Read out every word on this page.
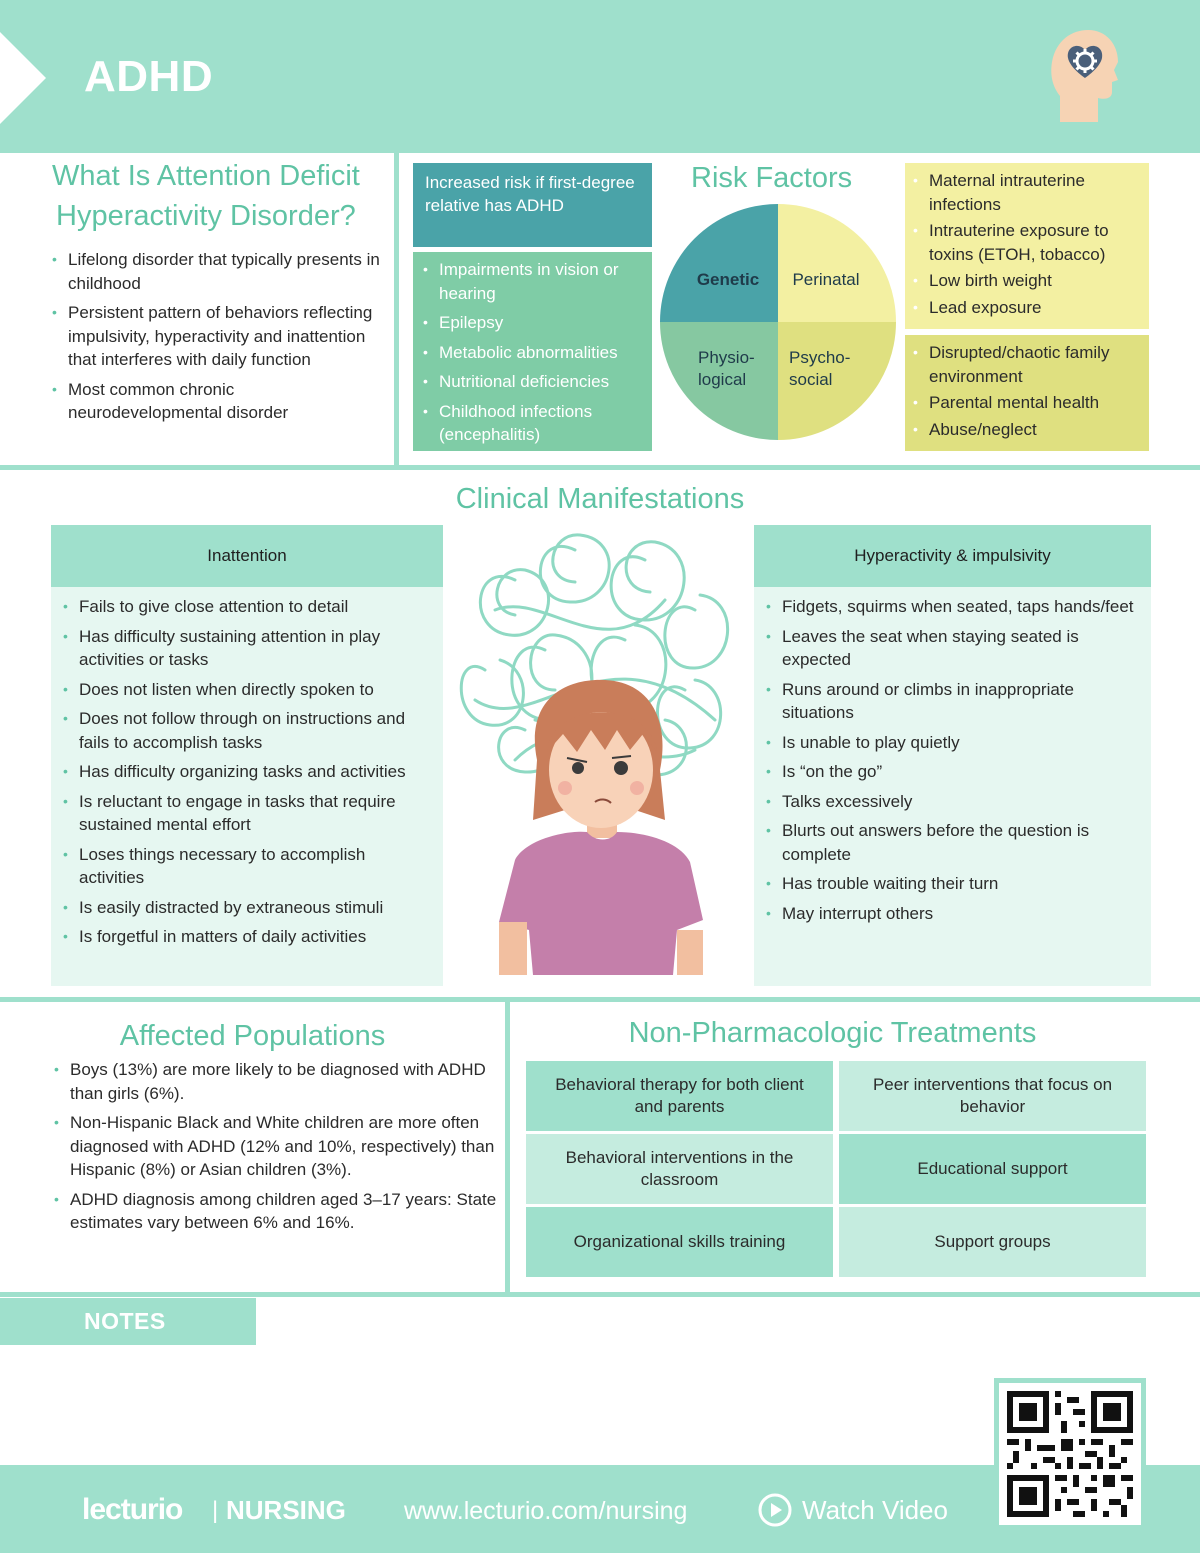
ADHD
What Is Attention Deficit
Hyperactivity Disorder?
• Lifelong disorder that typically presents in childhood
• Persistent pattern of behaviors reflecting impulsivity, hyperactivity and inattention that interferes with daily function
• Most common chronic neurodevelopmental disorder
Increased risk if first-degree relative has ADHD
• Impairments in vision or hearing
• Epilepsy
• Metabolic abnormalities
• Nutritional deficiencies
• Childhood infections (encephalitis)
Risk Factors
Genetic Perinatal
Physio-
logical
Psycho-
social
• Maternal intrauterine infections
• Intrauterine exposure to toxins (ETOH, tobacco)
• Low birth weight
• Lead exposure
• Disrupted/chaotic family environment
• Parental mental health
• Abuse/neglect
Clinical Manifestations
Inattention
• Fails to give close attention to detail
• Has difficulty sustaining attention in play activities or tasks
• Does not listen when directly spoken to
• Does not follow through on instructions and fails to accomplish tasks
• Has difficulty organizing tasks and activities
• Is reluctant to engage in tasks that require sustained mental effort
• Loses things necessary to accomplish activities
• Is easily distracted by extraneous stimuli
• Is forgetful in matters of daily activities
Hyperactivity & impulsivity
• Fidgets, squirms when seated, taps hands/feet
• Leaves the seat when staying seated is expected
• Runs around or climbs in inappropriate situations
• Is unable to play quietly
• Is “on the go”
• Talks excessively
• Blurts out answers before the question is complete
• Has trouble waiting their turn
• May interrupt others
Affected Populations
• Boys (13%) are more likely to be diagnosed with ADHD than girls (6%).
• Non-Hispanic Black and White children are more often diagnosed with ADHD (12% and 10%, respectively) than Hispanic (8%) or Asian children (3%).
• ADHD diagnosis among children aged 3–17 years: State estimates vary between 6% and 16%.
Non-Pharmacologic Treatments
Behavioral therapy for both client and parents
Peer interventions that focus on behavior
Behavioral interventions in the classroom
Educational support
Organizational skills training	Support groups
NOTES
lecturio | NURSING www.lecturio.com/nursing	Watch Video
